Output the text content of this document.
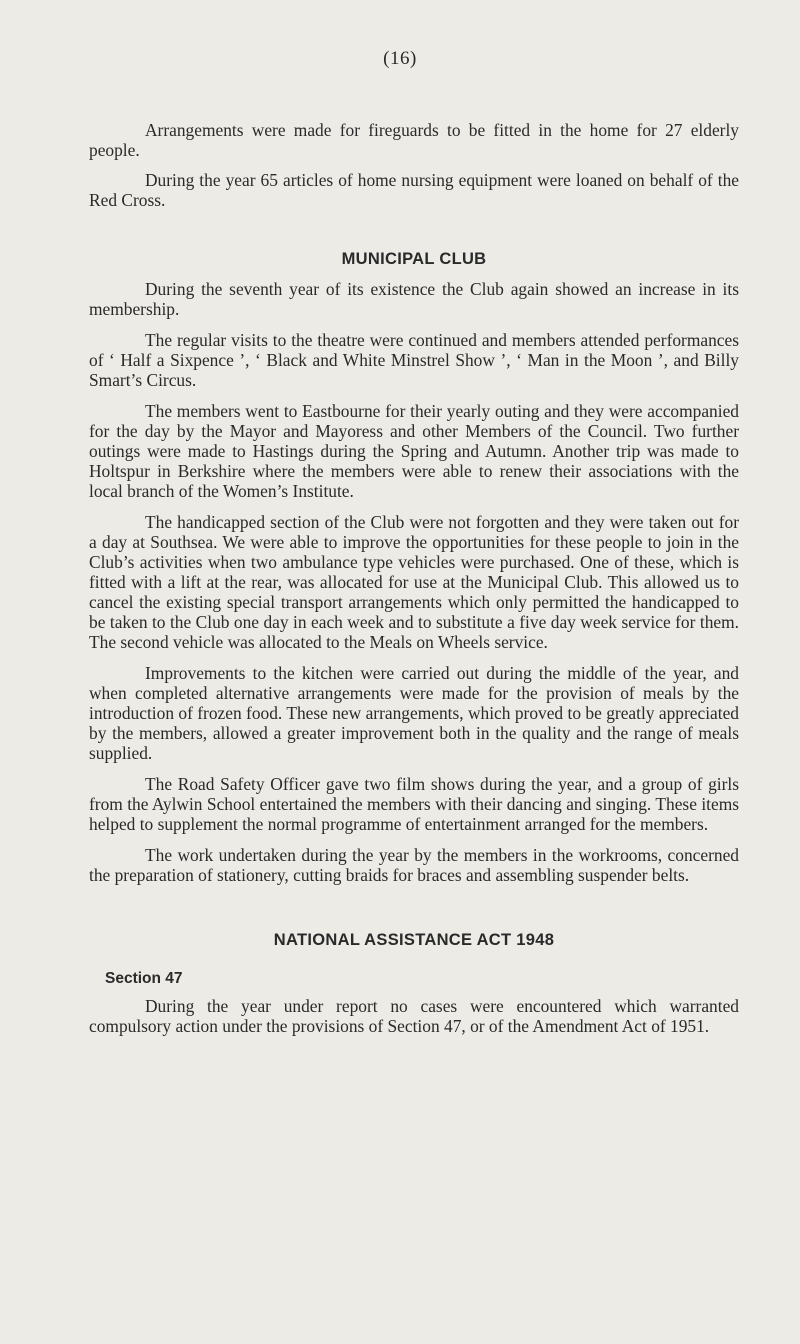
(16)

Arrangements were made for fireguards to be fitted in the home for 27 elderly people.

During the year 65 articles of home nursing equipment were loaned on behalf of the Red Cross.

MUNICIPAL CLUB

During the seventh year of its existence the Club again showed an increase in its membership.

The regular visits to the theatre were continued and members attended performances of ‘ Half a Sixpence ’, ‘ Black and White Minstrel Show ’, ‘ Man in the Moon ’, and Billy Smart’s Circus.

The members went to Eastbourne for their yearly outing and they were accompanied for the day by the Mayor and Mayoress and other Members of the Council. Two further outings were made to Hastings during the Spring and Autumn. Another trip was made to Holtspur in Berkshire where the members were able to renew their associations with the local branch of the Women’s Institute.

The handicapped section of the Club were not forgotten and they were taken out for a day at Southsea. We were able to improve the opportunities for these people to join in the Club’s activities when two ambulance type vehicles were purchased. One of these, which is fitted with a lift at the rear, was allocated for use at the Municipal Club. This allowed us to cancel the existing special transport arrangements which only permitted the handicapped to be taken to the Club one day in each week and to substitute a five day week service for them. The second vehicle was allocated to the Meals on Wheels service.

Improvements to the kitchen were carried out during the middle of the year, and when completed alternative arrangements were made for the provision of meals by the introduction of frozen food. These new arrangements, which proved to be greatly appreciated by the members, allowed a greater improvement both in the quality and the range of meals supplied.

The Road Safety Officer gave two film shows during the year, and a group of girls from the Aylwin School entertained the members with their dancing and singing. These items helped to supplement the normal programme of entertainment arranged for the members.

The work undertaken during the year by the members in the workrooms, concerned the preparation of stationery, cutting braids for braces and assembling suspender belts.

NATIONAL ASSISTANCE ACT 1948
Section 47

During the year under report no cases were encountered which warranted compulsory action under the provisions of Section 47, or of the Amendment Act of 1951.
